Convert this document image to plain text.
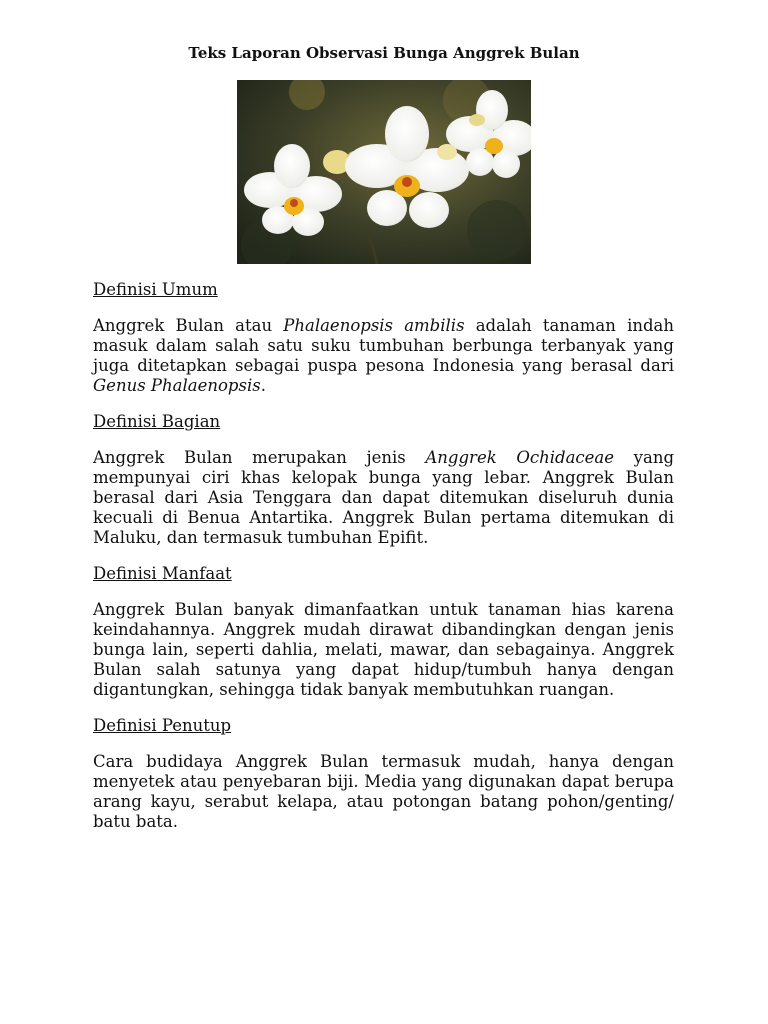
Teks Laporan Observasi Bunga Anggrek Bulan

Definisi Umum

Anggrek Bulan atau Phalaenopsis ambilis adalah tanaman indah masuk dalam salah satu suku tumbuhan berbunga terbanyak yang juga ditetapkan sebagai puspa pesona Indonesia yang berasal dari Genus Phalaenopsis.

Definisi Bagian

Anggrek Bulan merupakan jenis Anggrek Ochidaceae yang mempunyai ciri khas kelopak bunga yang lebar. Anggrek Bulan berasal dari Asia Tenggara dan dapat ditemukan diseluruh dunia kecuali di Benua Antartika. Anggrek Bulan pertama ditemukan di Maluku, dan termasuk tumbuhan Epifit.

Definisi Manfaat

Anggrek Bulan banyak dimanfaatkan untuk tanaman hias karena keindahannya. Anggrek mudah dirawat dibandingkan dengan jenis bunga lain, seperti dahlia, melati, mawar, dan sebagainya. Anggrek Bulan salah satunya yang dapat hidup/tumbuh hanya dengan digantungkan, sehingga tidak banyak membutuhkan ruangan.

Definisi Penutup

Cara budidaya Anggrek Bulan termasuk mudah, hanya dengan menyetek atau penyebaran biji. Media yang digunakan dapat berupa arang kayu, serabut kelapa, atau potongan batang pohon/genting/ batu bata.
